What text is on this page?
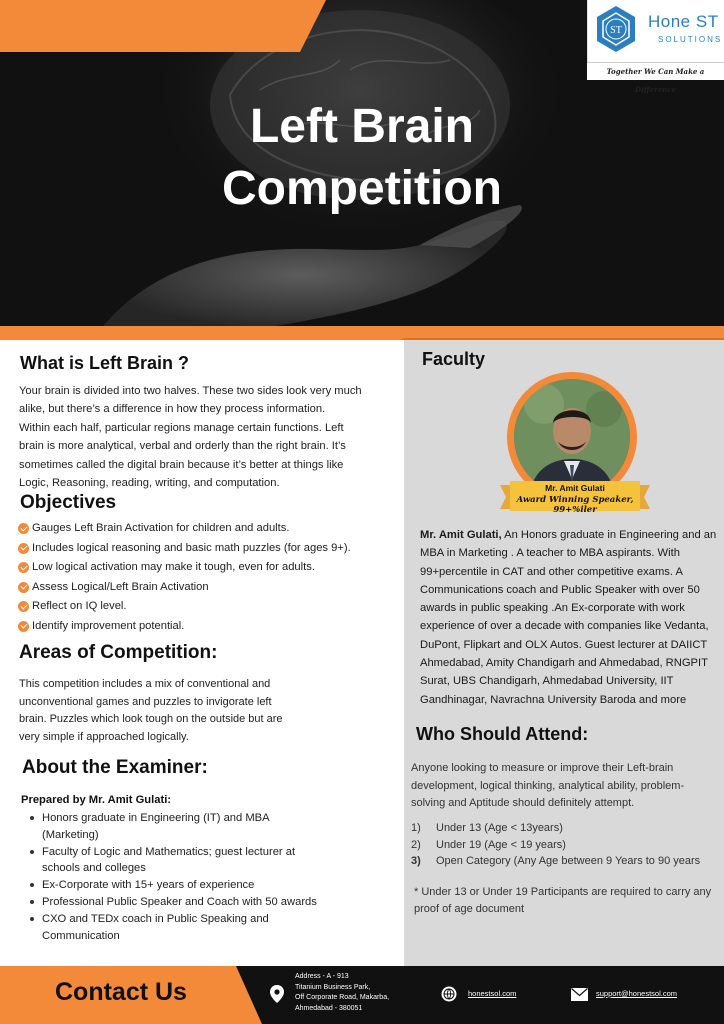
Left Brain
Competition
ST Hone ST
SOLUTIONS
Together We Can Make a Difference
What is Left Brain ?
Your brain is divided into two halves. These two sides look very much
alike, but there’s a difference in how they process information.
Within each half, particular regions manage certain functions. Left
brain is more analytical, verbal and orderly than the right brain. It’s
sometimes called the digital brain because it’s better at things like
Logic, Reasoning, reading, writing, and computation.
Objectives
Gauges Left Brain Activation for children and adults.
Includes logical reasoning and basic math puzzles (for ages 9+).
Low logical activation may make it tough, even for adults.
Assess Logical/Left Brain Activation
Reflect on IQ level.
Identify improvement potential.
Areas of Competition:
This competition includes a mix of conventional and
unconventional games and puzzles to invigorate left
brain. Puzzles which look tough on the outside but are
very simple if approached logically.
About the Examiner:
Prepared by Mr. Amit Gulati:
Honors graduate in Engineering (IT) and MBA (Marketing)
Faculty of Logic and Mathematics; guest lecturer at schools and colleges
Ex-Corporate with 15+ years of experience
Professional Public Speaker and Coach with 50 awards
CXO and TEDx coach in Public Speaking and Communication
Faculty
Mr. Amit Gulati
Award Winning Speaker, 99+%iler
Mr. Amit Gulati, An Honors graduate in Engineering and an MBA in Marketing . A teacher to MBA aspirants. With 99+percentile in CAT and other competitive exams. A Communications coach and Public Speaker with over 50 awards in public speaking .An Ex-corporate with work experience of over a decade with companies like Vedanta, DuPont, Flipkart and OLX Autos. Guest lecturer at DAIICT Ahmedabad, Amity Chandigarh and Ahmedabad, RNGPIT Surat, UBS Chandigarh, Ahmedabad University, IIT Gandhinagar, Navrachna University Baroda and more
Who Should Attend:
Anyone looking to measure or improve their Left-brain development, logical thinking, analytical ability, problem-solving and Aptitude should definitely attempt.
1) Under 13 (Age < 13years)
2) Under 19 (Age < 19 years)
3) Open Category (Any Age between 9 Years to 90 years
* Under 13 or Under 19 Participants are required to carry any proof of age document
Contact Us
Address - A - 913
Titanium Business Park,
Off Corporate Road, Makarba,
Ahmedabad - 380051
honestsol.com	support@honestsol.com
